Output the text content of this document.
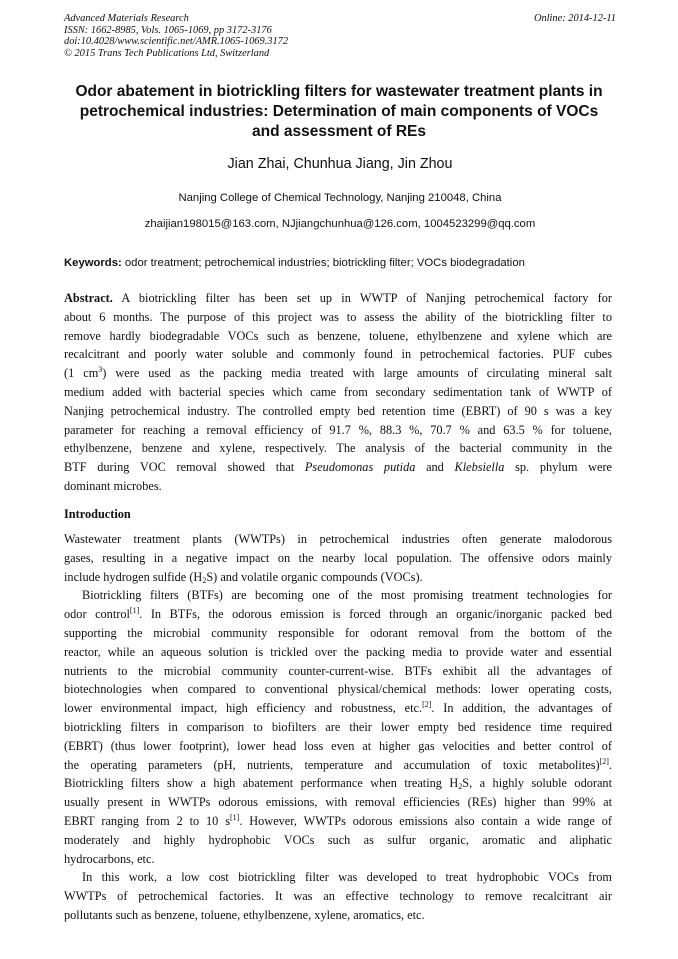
Advanced Materials Research
ISSN: 1662-8985, Vols. 1065-1069, pp 3172-3176
doi:10.4028/www.scientific.net/AMR.1065-1069.3172
© 2015 Trans Tech Publications Ltd, Switzerland
Online: 2014-12-11
Odor abatement in biotrickling filters for wastewater treatment plants in
petrochemical industries: Determination of main components of VOCs
and assessment of REs
Jian Zhai, Chunhua Jiang, Jin Zhou
Nanjing College of Chemical Technology, Nanjing 210048, China
zhaijian198015@163.com, NJjiangchunhua@126.com, 1004523299@qq.com
Keywords: odor treatment; petrochemical industries; biotrickling filter; VOCs biodegradation
Abstract. A biotrickling filter has been set up in WWTP of Nanjing petrochemical factory for
about 6 months. The purpose of this project was to assess the ability of the biotrickling filter to
remove hardly biodegradable VOCs such as benzene, toluene, ethylbenzene and xylene which are
recalcitrant and poorly water soluble and commonly found in petrochemical factories. PUF cubes
(1 $cm^3$) were used as the packing media treated with large amounts of circulating mineral salt
medium added with bacterial species which came from secondary sedimentation tank of WWTP of
Nanjing petrochemical industry. The controlled empty bed retention time (EBRT) of 90 s was a key
parameter for reaching a removal efficiency of 91.7 %, 88.3 %, 70.7 % and 63.5 % for toluene,
ethylbenzene, benzene and xylene, respectively. The analysis of the bacterial community in the
BTF during VOC removal showed that Pseudomonas putida and Klebsiella sp. phylum were
dominant microbes.
Introduction
Wastewater treatment plants (WWTPs) in petrochemical industries often generate malodorous
gases, resulting in a negative impact on the nearby local population. The offensive odors mainly
include hydrogen sulfide $(H_2S)$ and volatile organic compounds (VOCs).
Biotrickling filters (BTFs) are becoming one of the most promising treatment technologies for
odor control[1]. In BTFs, the odorous emission is forced through an organic/inorganic packed bed
supporting the microbial community responsible for odorant removal from the bottom of the
reactor, while an aqueous solution is trickled over the packing media to provide water and essential
nutrients to the microbial community counter-current-wise. BTFs exhibit all the advantages of
biotechnologies when compared to conventional physical/chemical methods: lower operating costs,
lower environmental impact, high efficiency and robustness, etc.[2]. In addition, the advantages of
biotrickling filters in comparison to biofilters are their lower empty bed residence time required
(EBRT) (thus lower footprint), lower head loss even at higher gas velocities and better control of
the operating parameters (pH, nutrients, temperature and accumulation of toxic metabolites)[2].
Biotrickling filters show a high abatement performance when treating $H_2S$, a highly soluble odorant
usually present in WWTPs odorous emissions, with removal efficiencies (REs) higher than 99% at
EBRT ranging from 2 to 10 s[1]. However, WWTPs odorous emissions also contain a wide range of
moderately and highly hydrophobic VOCs such as sulfur organic, aromatic and aliphatic
hydrocarbons, etc.
In this work, a low cost biotrickling filter was developed to treat hydrophobic VOCs from
WWTPs of petrochemical factories. It was an effective technology to remove recalcitrant air
pollutants such as benzene, toluene, ethylbenzene, xylene, aromatics, etc.
